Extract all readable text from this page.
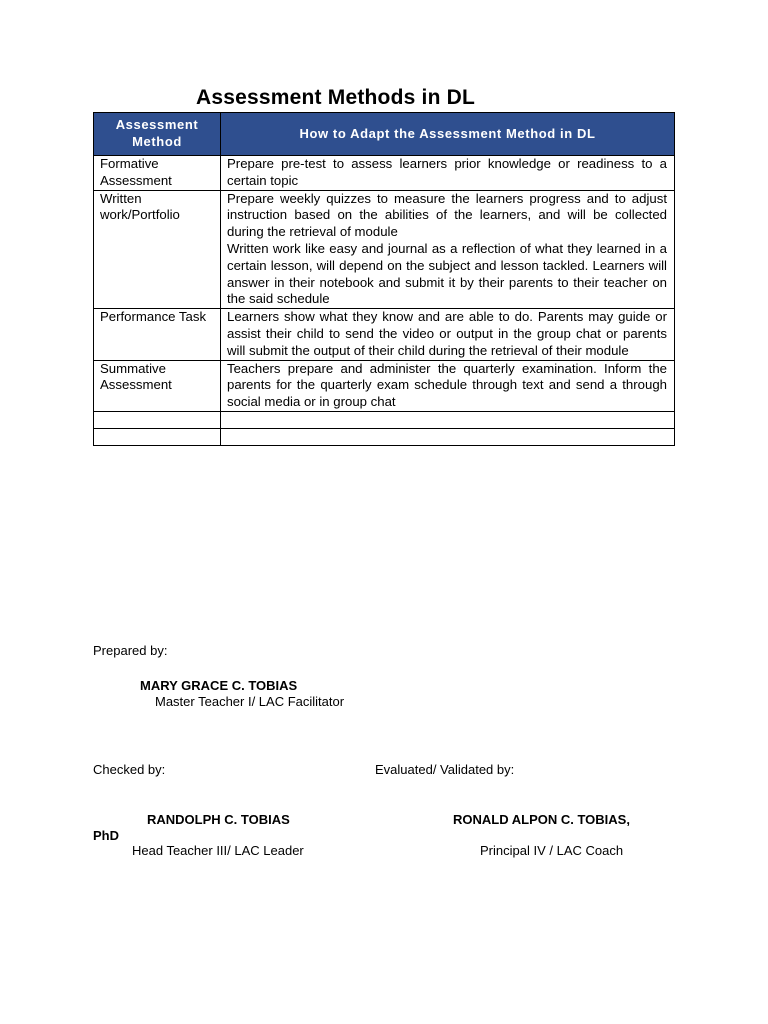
Assessment Methods in DL
Assessment Method	How to Adapt the Assessment Method in DL
Formative Assessment	Prepare pre-test to assess learners prior knowledge or readiness to a certain topic
Written work/Portfolio	Prepare weekly quizzes to measure the learners progress and to adjust instruction based on the abilities of the learners, and will be collected during the retrieval of module
Written work like easy and journal as a reflection of what they learned in a certain lesson, will depend on the subject and lesson tackled. Learners will answer in their notebook and submit it by their parents to their teacher on the said schedule

Performance Task	Learners show what they know and are able to do. Parents may guide or assist their child to send the video or output in the group chat or parents will submit the output of their child during the retrieval of their module
Summative Assessment	Teachers prepare and administer the quarterly examination. Inform the parents for the quarterly exam schedule through text and send a through social media or in group chat

Prepared by:
MARY GRACE C. TOBIAS
Master Teacher I/ LAC Facilitator
Checked by:	Evaluated/ Validated by:
RANDOLPH C. TOBIAS	RONALD ALPON C. TOBIAS,
PhD
Head Teacher III/ LAC Leader	Principal IV / LAC Coach
